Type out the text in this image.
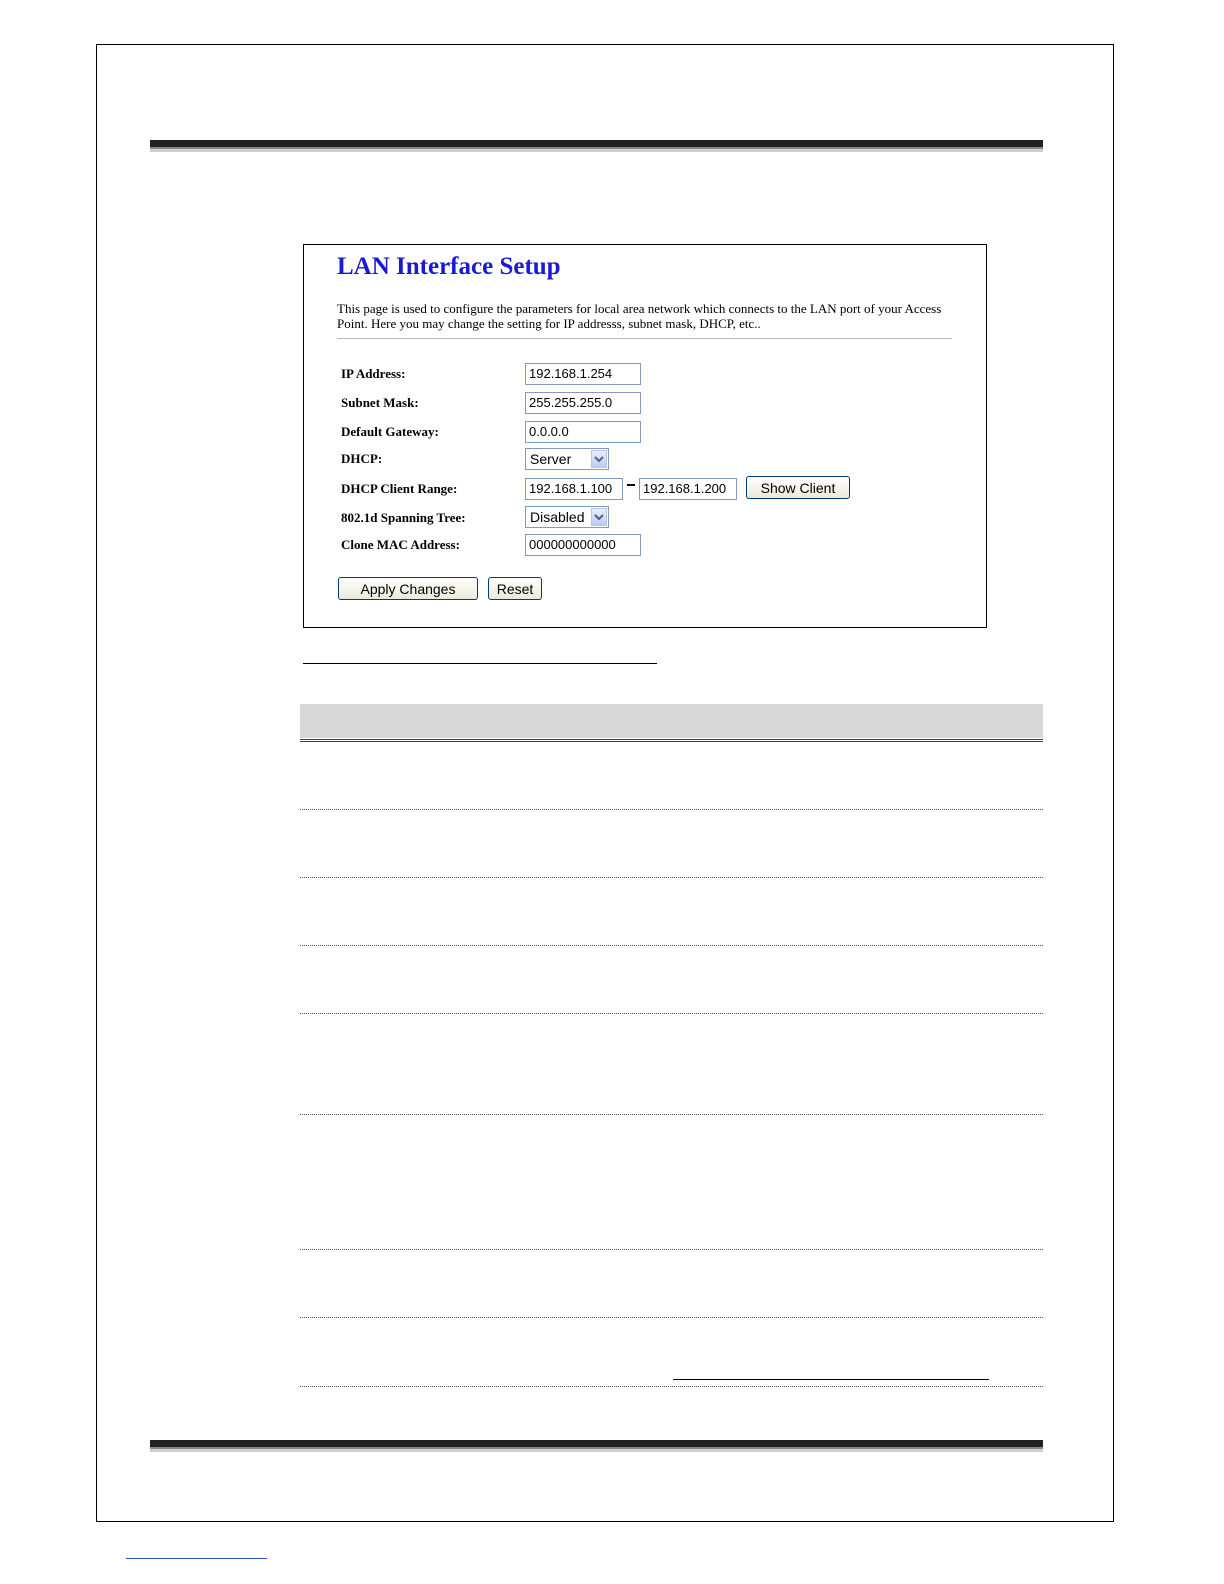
LAN Interface Setup

This page is used to configure the parameters for local area network which connects to the LAN port of your Access Point. Here you may change the setting for IP addresss, subnet mask, DHCP, etc..

IP Address:	192.168.1.254
Subnet Mask:	255.255.255.0
Default Gateway:	0.0.0.0
DHCP:	Server
DHCP Client Range:	192.168.1.100	192.168.1.200	Show Client
802.1d Spanning Tree:	Disabled
Clone MAC Address:	000000000000
Apply Changes	Reset
